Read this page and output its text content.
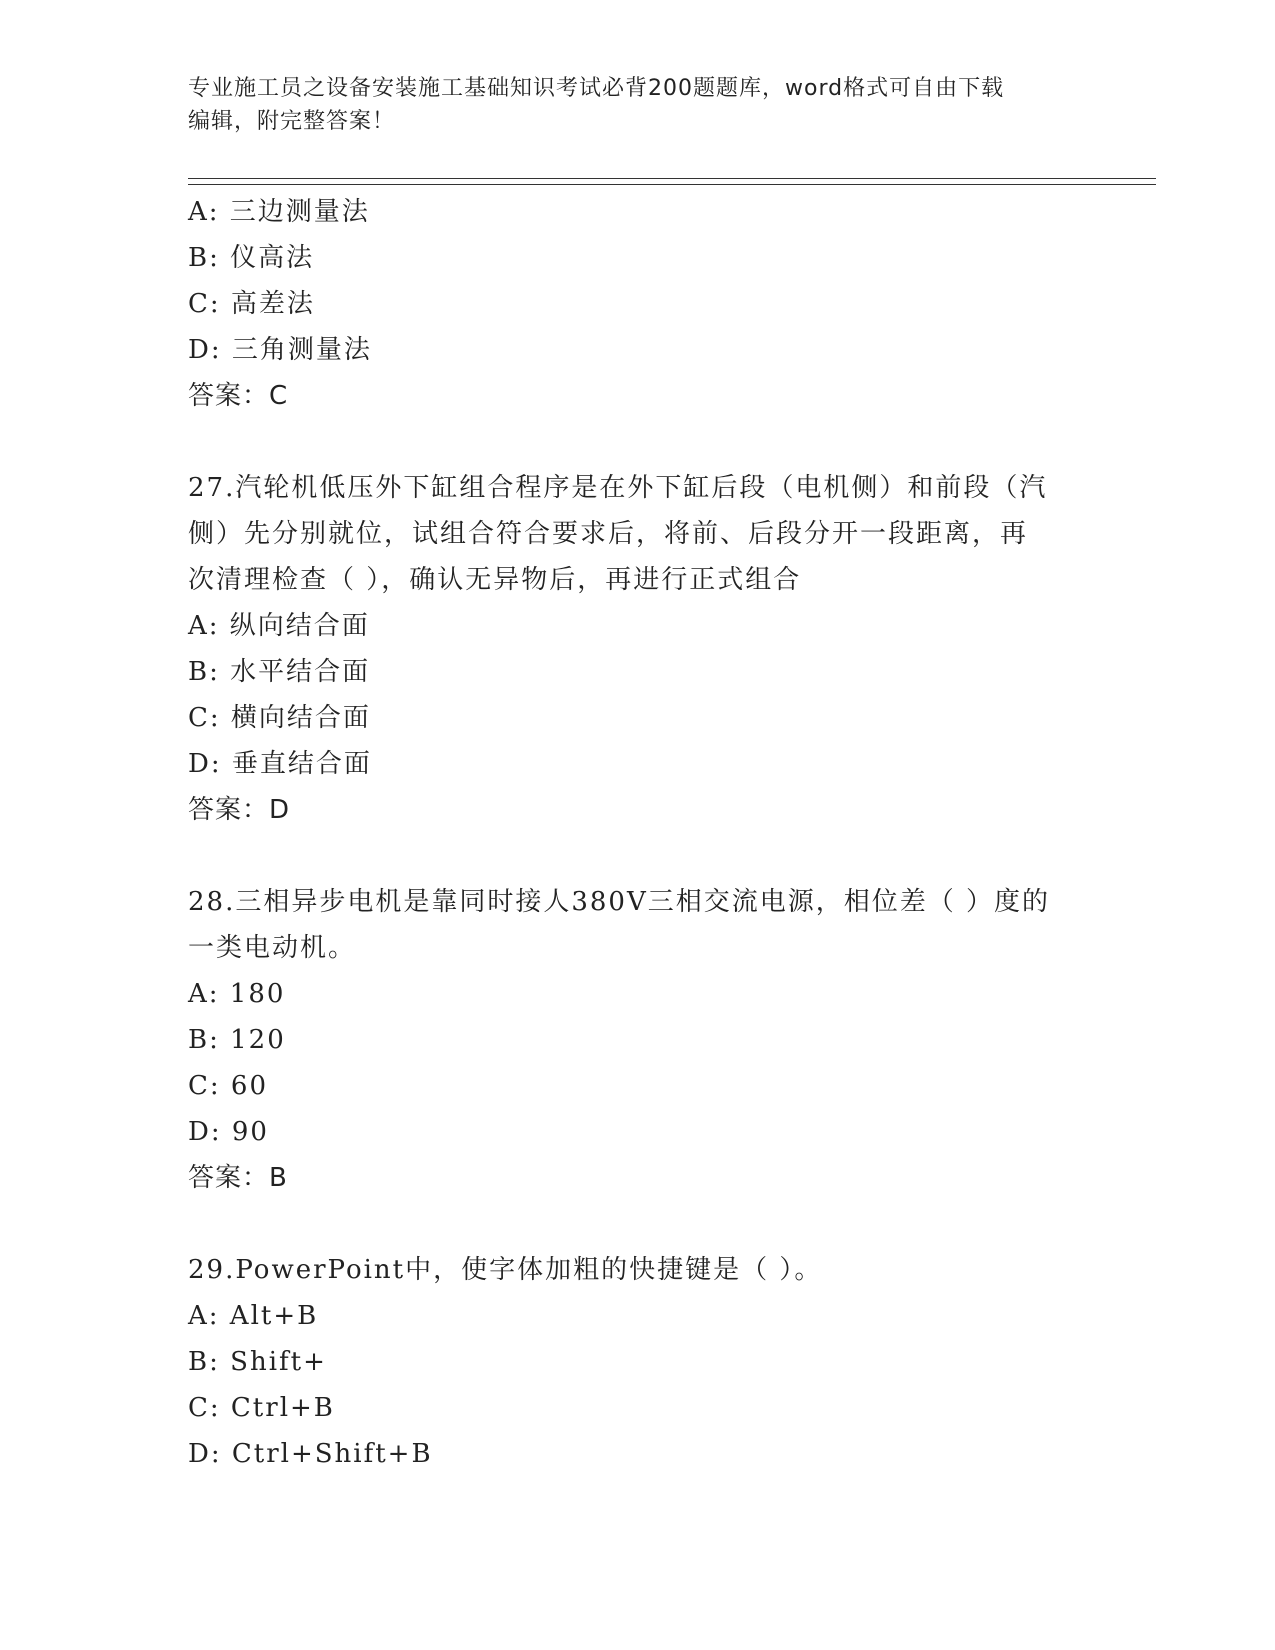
专业施工员之设备安装施工基础知识考试必背200题题库，word格式可自由下载
编辑，附完整答案！
A: 三边测量法
B: 仪高法
C: 高差法
D: 三角测量法
答案：C
27.汽轮机低压外下缸组合程序是在外下缸后段（电机侧）和前段（汽
侧）先分别就位，试组合符合要求后，将前、后段分开一段距离，再
次清理检查（ ），确认无异物后，再进行正式组合
A: 纵向结合面
B: 水平结合面
C: 横向结合面
D: 垂直结合面
答案：D
28.三相异步电机是靠同时接人380V三相交流电源，相位差（ ）度的
一类电动机。
A: 180
B: 120
C: 60
D: 90
答案：B
29.PowerPoint中，使字体加粗的快捷键是（ ）。
A: Alt+B
B: Shift+
C: Ctrl+B
D: Ctrl+Shift+B
